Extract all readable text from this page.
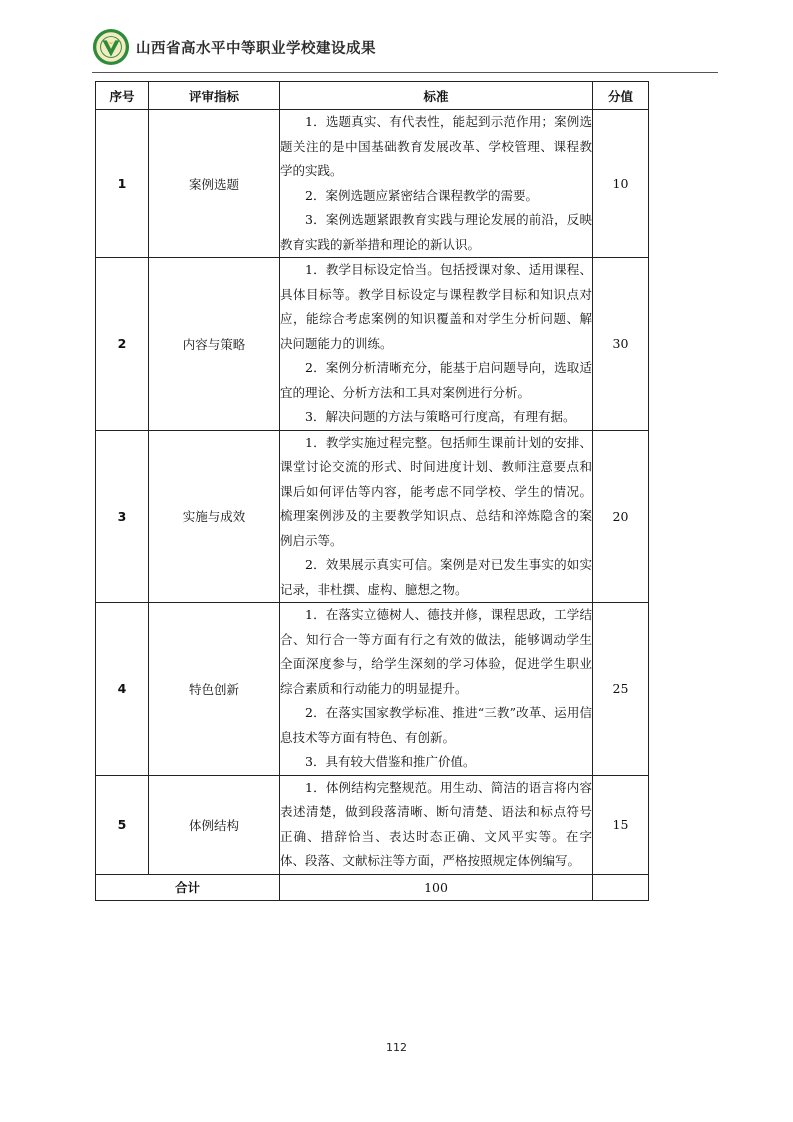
山西省高水平中等职业学校建设成果
序号	评审指标	标准	分值
1	案例选题	1．选题真实、有代表性，能起到示范作用；案例选题关注的是中国基础教育发展改革、学校管理、课程教学的实践。

2．案例选题应紧密结合课程教学的需要。

3．案例选题紧跟教育实践与理论发展的前沿，反映教育实践的新举措和理论的新认识。	10
2	内容与策略	1．教学目标设定恰当。包括授课对象、适用课程、具体目标等。教学目标设定与课程教学目标和知识点对应，能综合考虑案例的知识覆盖和对学生分析问题、解决问题能力的训练。

2．案例分析清晰充分，能基于启问题导向，选取适宜的理论、分析方法和工具对案例进行分析。

3．解决问题的方法与策略可行度高，有理有据。	30
3	实施与成效	1．教学实施过程完整。包括师生课前计划的安排、课堂讨论交流的形式、时间进度计划、教师注意要点和课后如何评估等内容，能考虑不同学校、学生的情况。梳理案例涉及的主要教学知识点、总结和淬炼隐含的案例启示等。

2．效果展示真实可信。案例是对已发生事实的如实记录，非杜撰、虚构、臆想之物。	20
4	特色创新	1．在落实立德树人、德技并修，课程思政，工学结合、知行合一等方面有行之有效的做法，能够调动学生全面深度参与，给学生深刻的学习体验，促进学生职业综合素质和行动能力的明显提升。

2．在落实国家教学标准、推进“三教”改革、运用信息技术等方面有特色、有创新。

3．具有较大借鉴和推广价值。	25
5	体例结构	1．体例结构完整规范。用生动、简洁的语言将内容表述清楚，做到段落清晰、断句清楚、语法和标点符号正确、措辞恰当、表达时态正确、文风平实等。在字体、段落、文献标注等方面，严格按照规定体例编写。	15
合计		100	
112
